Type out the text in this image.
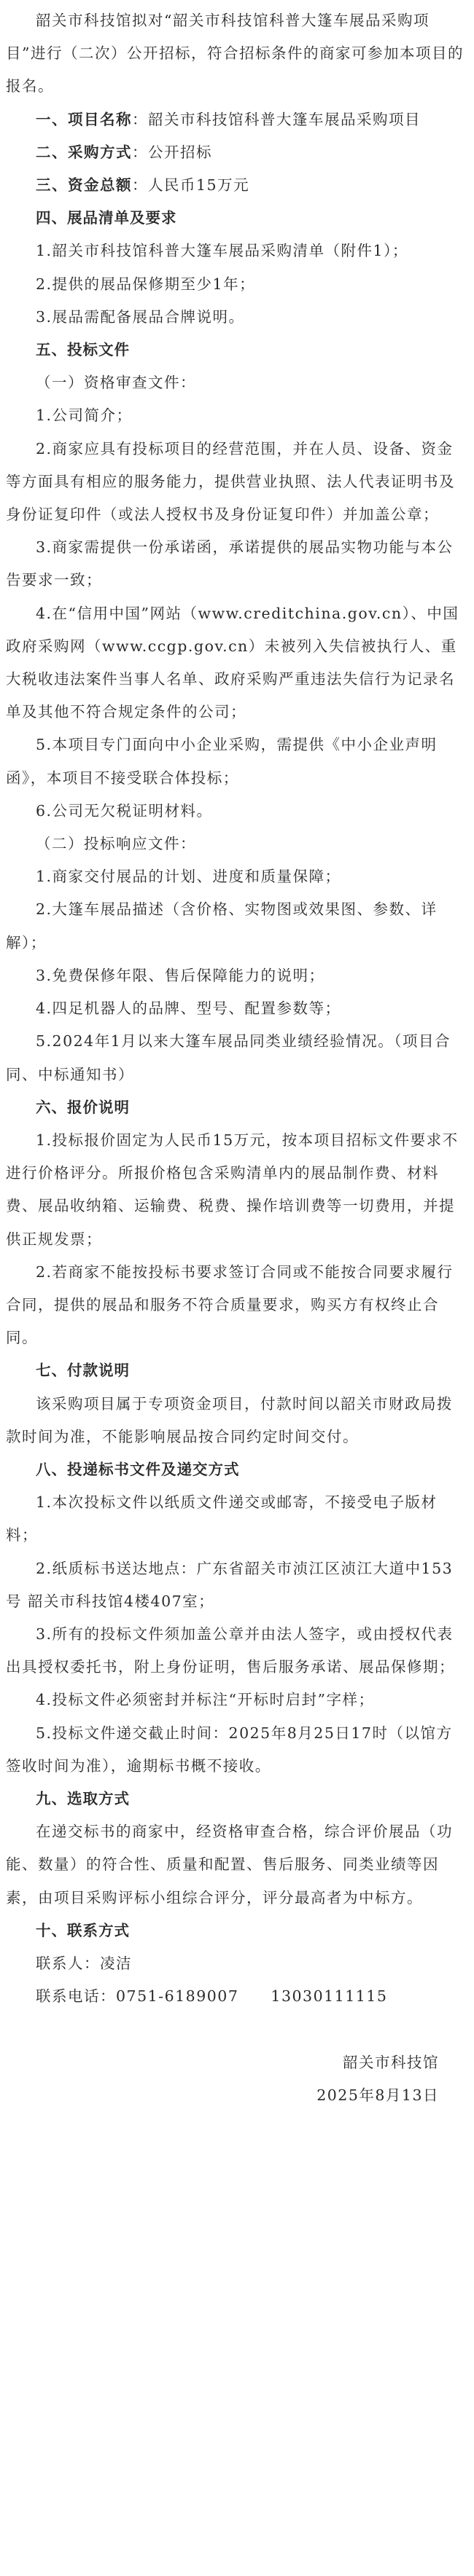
韶关市科技馆拟对“韶关市科技馆科普大篷车展品采购项目”进行（二次）公开招标，符合招标条件的商家可参加本项目的报名。

一、项目名称：韶关市科技馆科普大篷车展品采购项目

二、采购方式：公开招标

三、资金总额：人民币15万元

四、展品清单及要求

1.韶关市科技馆科普大篷车展品采购清单（附件1）；

2.提供的展品保修期至少1年；

3.展品需配备展品合牌说明。

五、投标文件

（一）资格审查文件：

1.公司简介；

2.商家应具有投标项目的经营范围，并在人员、设备、资金等方面具有相应的服务能力，提供营业执照、法人代表证明书及身份证复印件（或法人授权书及身份证复印件）并加盖公章；

3.商家需提供一份承诺函，承诺提供的展品实物功能与本公告要求一致；

4.在“信用中国”网站（www.creditchina.gov.cn）、中国政府采购网（www.ccgp.gov.cn）未被列入失信被执行人、重大税收违法案件当事人名单、政府采购严重违法失信行为记录名单及其他不符合规定条件的公司；

5.本项目专门面向中小企业采购，需提供《中小企业声明函》，本项目不接受联合体投标；

6.公司无欠税证明材料。

（二）投标响应文件：

1.商家交付展品的计划、进度和质量保障；

2.大篷车展品描述（含价格、实物图或效果图、参数、详解）；

3.免费保修年限、售后保障能力的说明；

4.四足机器人的品牌、型号、配置参数等；

5.2024年1月以来大篷车展品同类业绩经验情况。（项目合同、中标通知书）

六、报价说明

1.投标报价固定为人民币15万元，按本项目招标文件要求不进行价格评分。所报价格包含采购清单内的展品制作费、材料费、展品收纳箱、运输费、税费、操作培训费等一切费用，并提供正规发票；

2.若商家不能按投标书要求签订合同或不能按合同要求履行合同，提供的展品和服务不符合质量要求，购买方有权终止合同。

七、付款说明

该采购项目属于专项资金项目，付款时间以韶关市财政局拨款时间为准，不能影响展品按合同约定时间交付。

八、投递标书文件及递交方式

1.本次投标文件以纸质文件递交或邮寄，不接受电子版材料；

2.纸质标书送达地点：广东省韶关市浈江区浈江大道中153号 韶关市科技馆4楼407室；

3.所有的投标文件须加盖公章并由法人签字，或由授权代表出具授权委托书，附上身份证明，售后服务承诺、展品保修期；

4.投标文件必须密封并标注“开标时启封”字样；

5.投标文件递交截止时间：2025年8月25日17时（以馆方签收时间为准），逾期标书概不接收。

九、选取方式

在递交标书的商家中，经资格审查合格，综合评价展品（功能、数量）的符合性、质量和配置、售后服务、同类业绩等因素，由项目采购评标小组综合评分，评分最高者为中标方。

十、联系方式

联系人：凌洁

联系电话：0751-6189007　　13030111115

韶关市科技馆

2025年8月13日
